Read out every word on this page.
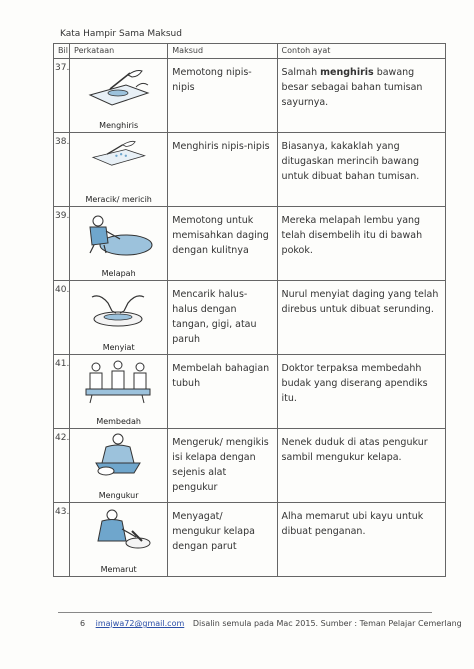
Kata Hampir Sama Maksud
Bil	Perkataan	Maksud	Contoh ayat
37.	Menghiris	Memotong nipis-nipis	Salmah menghiris bawang besar sebagai bahan tumisan sayurnya.
38.	Meracik/ mericih	Menghiris nipis-nipis	Biasanya, kakaklah yang ditugaskan merincih bawang untuk dibuat bahan tumisan.
39.	Melapah	Memotong untuk memisahkan daging dengan kulitnya	Mereka melapah lembu yang telah disembelih itu di bawah pokok.
40.	Menyiat	Mencarik halus-halus dengan tangan, gigi, atau paruh	Nurul menyiat daging yang telah direbus untuk dibuat serunding.
41.	Membedah	Membelah bahagian tubuh	Doktor terpaksa membedahh budak yang diserang apendiks itu.
42.	Mengukur	Mengeruk/ mengikis isi kelapa dengan sejenis alat pengukur	Nenek duduk di atas pengukur sambil mengukur kelapa.
43.	Memarut	Menyagat/ mengukur kelapa dengan parut	Alha memarut ubi kayu untuk dibuat penganan.
6 imajwa72@gmail.com Disalin semula pada Mac 2015. Sumber : Teman Pelajar Cemerlang
